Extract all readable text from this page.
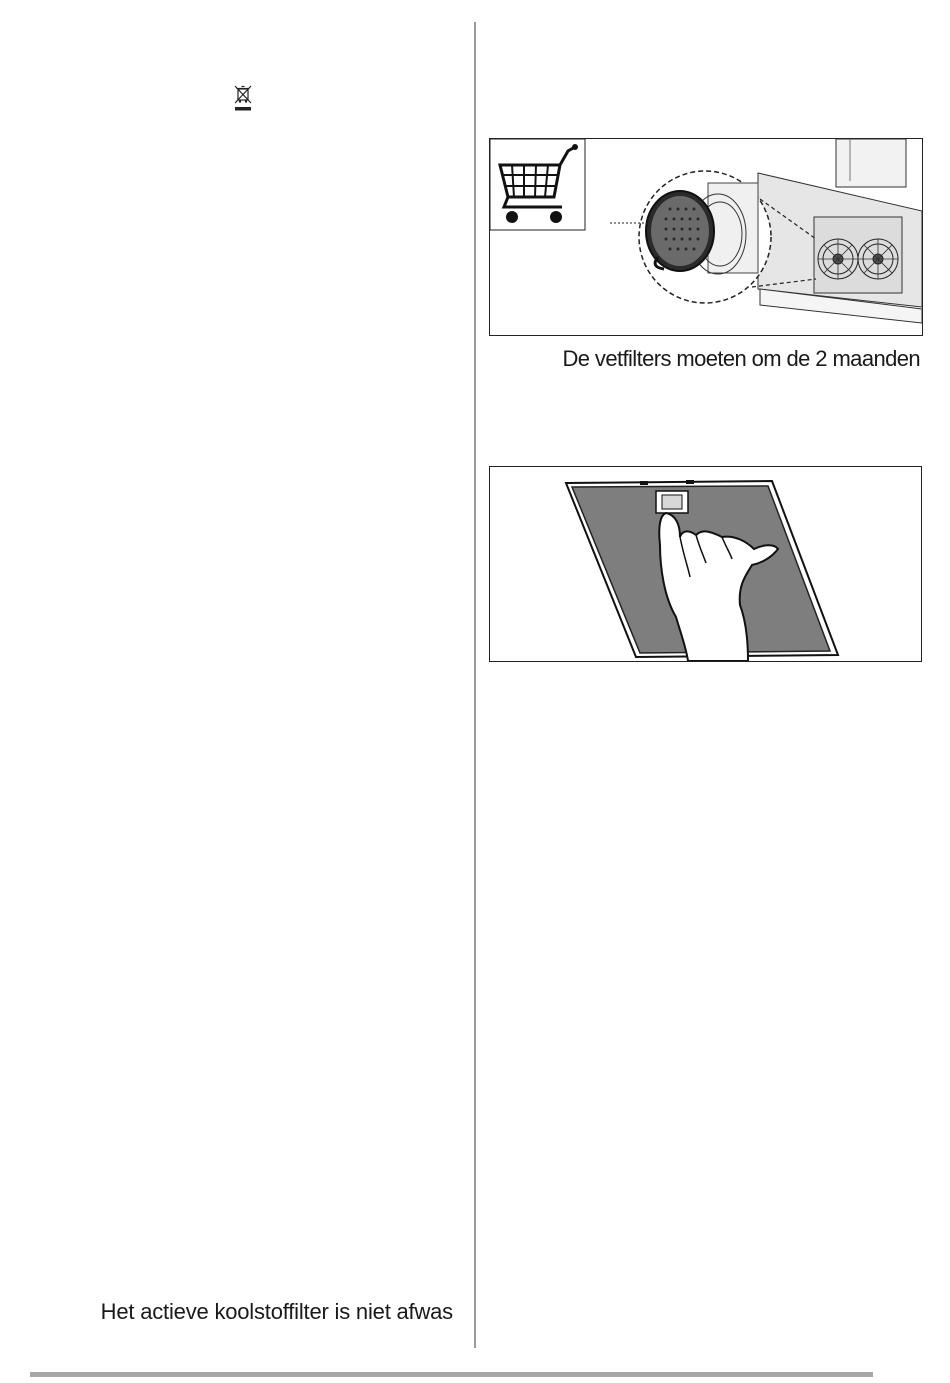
De vetfilters moeten om de 2 maanden
Het actieve koolstoffilter is niet afwas
